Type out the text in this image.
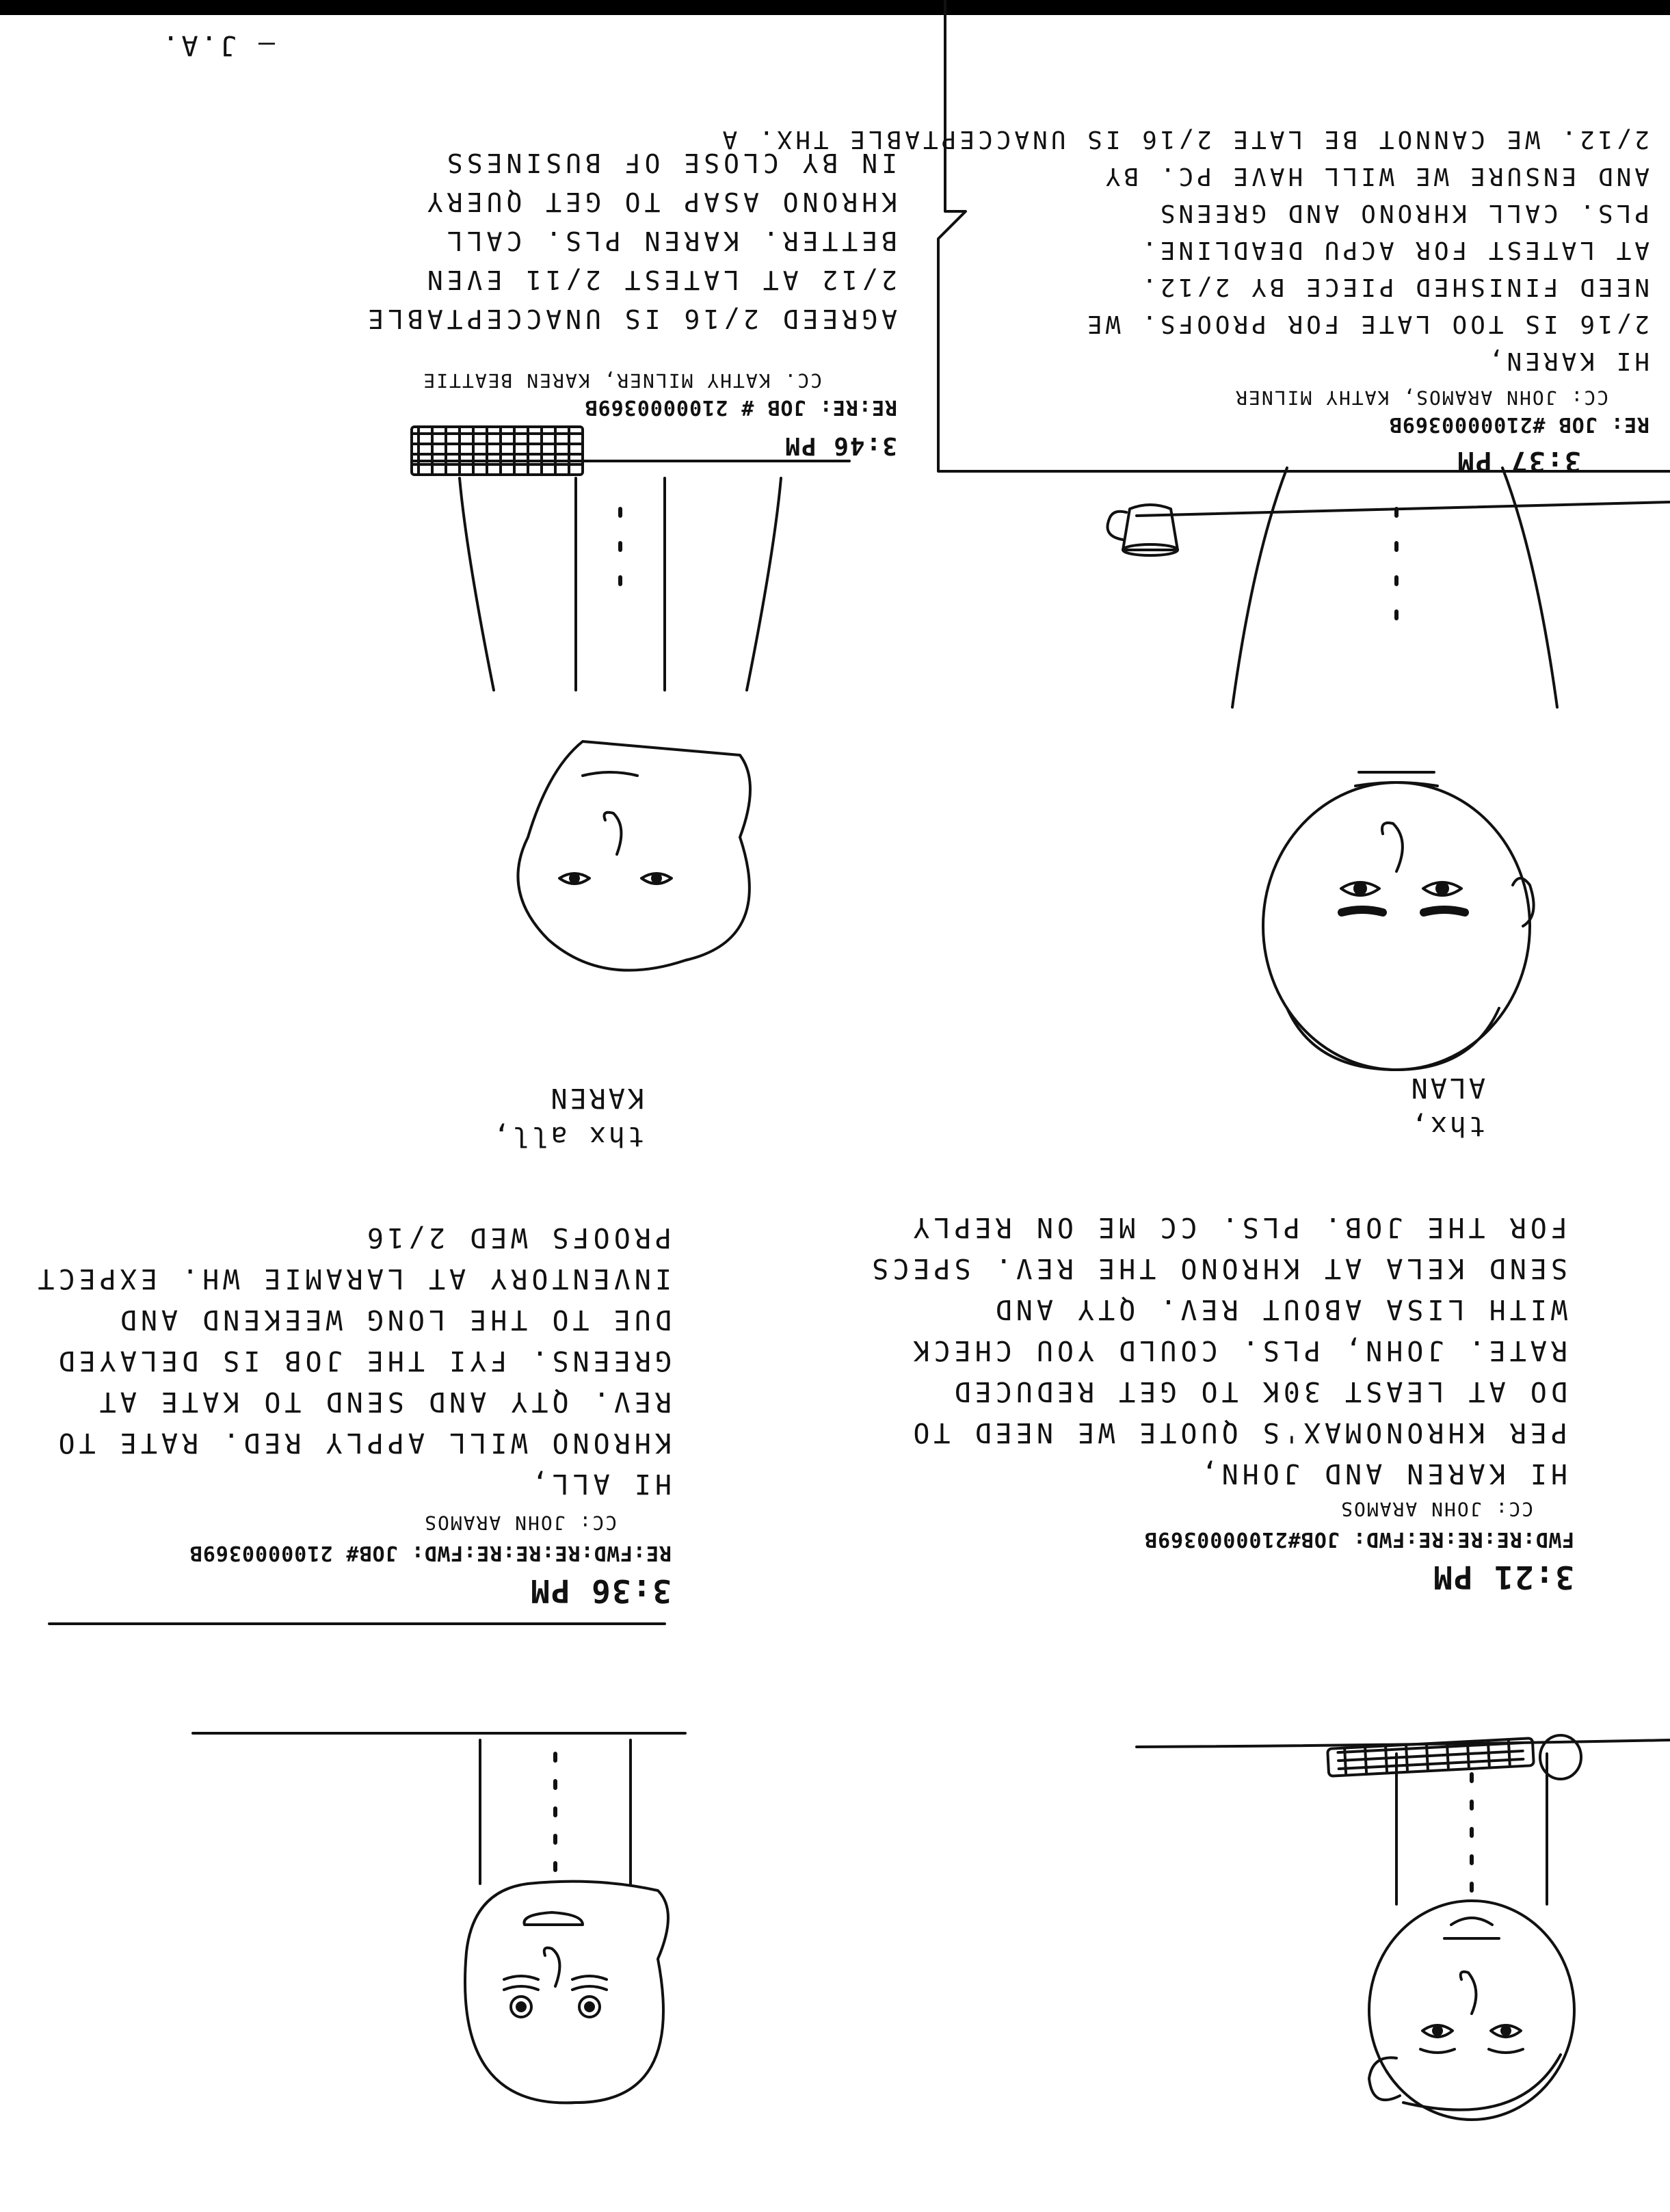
3:21 PM
FWD:RE:RE:RE:FWD: JOB#2100000369B
CC: JOHN ARAMOS
HI KAREN AND JOHN,
PER KHRONOMAX'S QUOTE WE NEED TO
DO AT LEAST 30K TO GET REDUCED
RATE. JOHN, PLS. COULD YOU CHECK
WITH LISA ABOUT REV. QTY AND
SEND KELA AT KHRONO THE REV. SPECS
FOR THE JOB. PLS. CC ME ON REPLY
thx,
ALAN
3:36 PM
RE:FWD:RE:RE:RE:FWD: JOB# 2100000369B
CC: JOHN ARAMOS
HI ALL,
KHRONO WILL APPLY RED. RATE TO
REV. QTY AND SEND TO KATE AT
GREENS. FYI THE JOB IS DELAYED
DUE TO THE LONG WEEKEND AND
INVENTORY AT LARAMIE WH. EXPECT
PROOFS WED 2/16
thx all,
KAREN
3:37 PM
RE: JOB #2100000369B
CC: JOHN ARAMOS, KATHY MILNER
HI KAREN,
2/16 IS TOO LATE FOR PROOFS. WE
NEED FINISHED PIECE BY 2/12.
AT LATEST FOR ACPU DEADLINE.
PLS. CALL KHRONO AND GREENS
AND ENSURE WE WILL HAVE PC. BY
2/12. WE CANNOT BE LATE 2/16 IS UNACCEPTABLE THX. A
3:46 PM
RE:RE: JOB # 2100000369B
CC. KATHY MILNER, KAREN BEATTIE
AGREED 2/16 IS UNACCEPTABLE
2/12 AT LATEST 2/11 EVEN
BETTER. KAREN PLS. CALL
KHRONO ASAP TO GET QUERY
IN BY CLOSE OF BUSINESS
— J.A.
